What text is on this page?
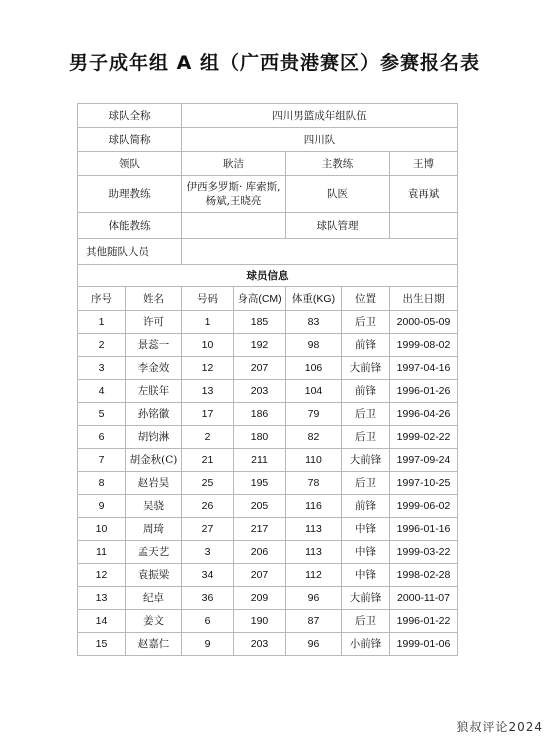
男子成年组 A 组（广西贵港赛区）参赛报名表
球队全称		四川男篮成年组队伍				
球队简称		四川队				
领队		耿洁		主教练		王博
助理教练		伊西多罗斯· 库索斯,杨斌,王晓亮		队医		袁再斌
体能教练				球队管理		
其他随队人员						
球员信息						
序号	姓名	号码	身高(CM)	体重(KG)	位置	出生日期
1	许可	1	185	83	后卫	2000-05-09
2	景蕊一	10	192	98	前锋	1999-08-02
3	李金效	12	207	106	大前锋	1997-04-16
4	左朕年	13	203	104	前锋	1996-01-26
5	孙铭徽	17	186	79	后卫	1996-04-26
6	胡钧淋	2	180	82	后卫	1999-02-22
7	胡金秋(C)	21	211	110	大前锋	1997-09-24
8	赵岩昊	25	195	78	后卫	1997-10-25
9	吴骁	26	205	116	前锋	1999-06-02
10	周琦	27	217	113	中锋	1996-01-16
11	孟天艺	3	206	113	中锋	1999-03-22
12	袁振梁	34	207	112	中锋	1998-02-28
13	纪卓	36	209	96	大前锋	2000-11-07
14	姜文	6	190	87	后卫	1996-01-22
15	赵嘉仁	9	203	96	小前锋	1999-01-06
狼叔评论2024
